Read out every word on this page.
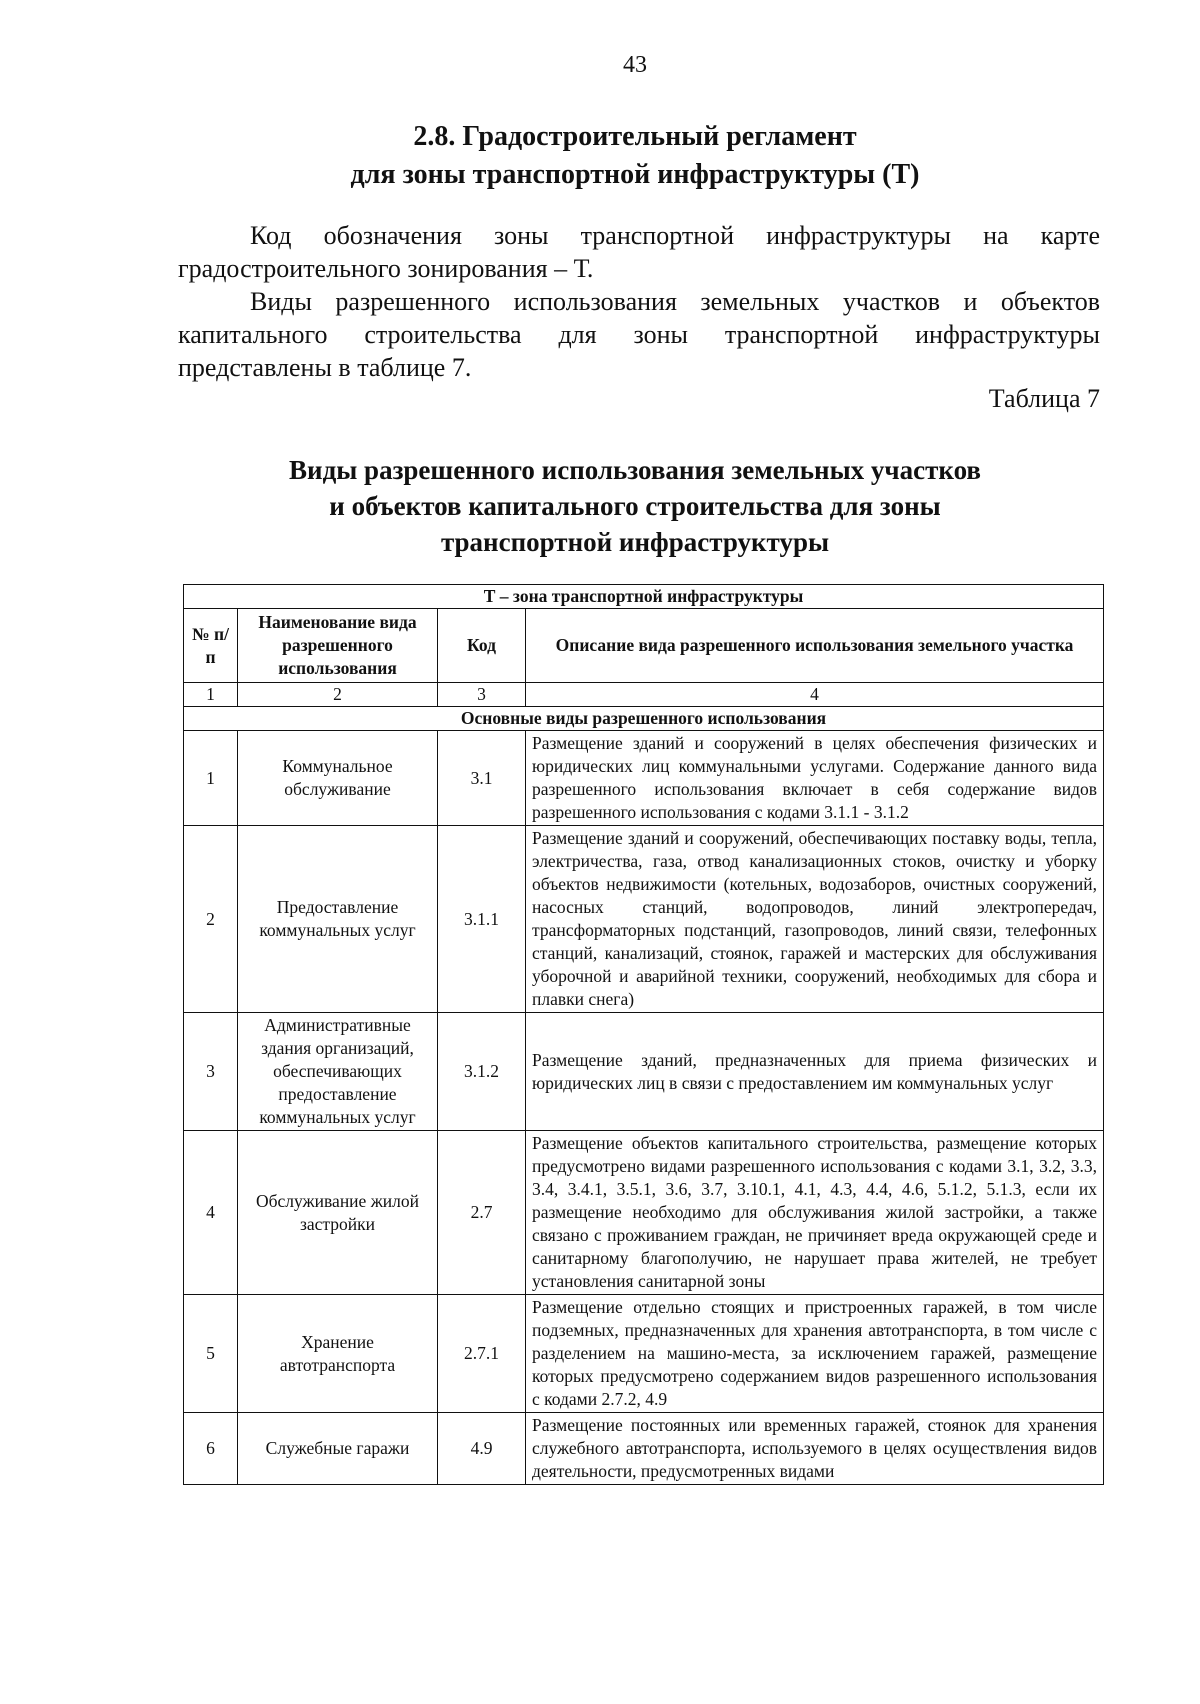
43
2.8. Градостроительный регламент
для зоны транспортной инфраструктуры (Т)
Код обозначения зоны транспортной инфраструктуры на карте градостроительного зонирования – Т.
Виды разрешенного использования земельных участков и объектов капитального строительства для зоны транспортной инфраструктуры представлены в таблице 7.
Таблица 7
Виды разрешенного использования земельных участков
и объектов капитального строительства для зоны
транспортной инфраструктуры
Т – зона транспортной инфраструктуры			
№ п/п	Наименование вида разрешенного использования	Код	Описание вида разрешенного использования земельного участка
1	2	3	4
Основные виды разрешенного использования			
1	Коммунальное обслуживание	3.1	Размещение зданий и сооружений в целях обеспечения физических и юридических лиц коммунальными услугами. Содержание данного вида разрешенного использования включает в себя содержание видов разрешенного использования с кодами 3.1.1 - 3.1.2
2	Предоставление коммунальных услуг	3.1.1	Размещение зданий и сооружений, обеспечивающих поставку воды, тепла, электричества, газа, отвод канализационных стоков, очистку и уборку объектов недвижимости (котельных, водозаборов, очистных сооружений, насосных станций, водопроводов, линий электропередач, трансформаторных подстанций, газопроводов, линий связи, телефонных станций, канализаций, стоянок, гаражей и мастерских для обслуживания уборочной и аварийной техники, сооружений, необходимых для сбора и плавки снега)
3	Административные здания организаций, обеспечивающих предоставление коммунальных услуг	3.1.2	Размещение зданий, предназначенных для приема физических и юридических лиц в связи с предоставлением им коммунальных услуг
4	Обслуживание жилой застройки	2.7	Размещение объектов капитального строительства, размещение которых предусмотрено видами разрешенного использования с кодами 3.1, 3.2, 3.3, 3.4, 3.4.1, 3.5.1, 3.6, 3.7, 3.10.1, 4.1, 4.3, 4.4, 4.6, 5.1.2, 5.1.3, если их размещение необходимо для обслуживания жилой застройки, а также связано с проживанием граждан, не причиняет вреда окружающей среде и санитарному благополучию, не нарушает права жителей, не требует установления санитарной зоны
5	Хранение автотранспорта	2.7.1	Размещение отдельно стоящих и пристроенных гаражей, в том числе подземных, предназначенных для хранения автотранспорта, в том числе с разделением на машино-места, за исключением гаражей, размещение которых предусмотрено содержанием видов разрешенного использования с кодами 2.7.2, 4.9
6	Служебные гаражи	4.9	Размещение постоянных или временных гаражей, стоянок для хранения служебного автотранспорта, используемого в целях осуществления видов деятельности, предусмотренных видами
